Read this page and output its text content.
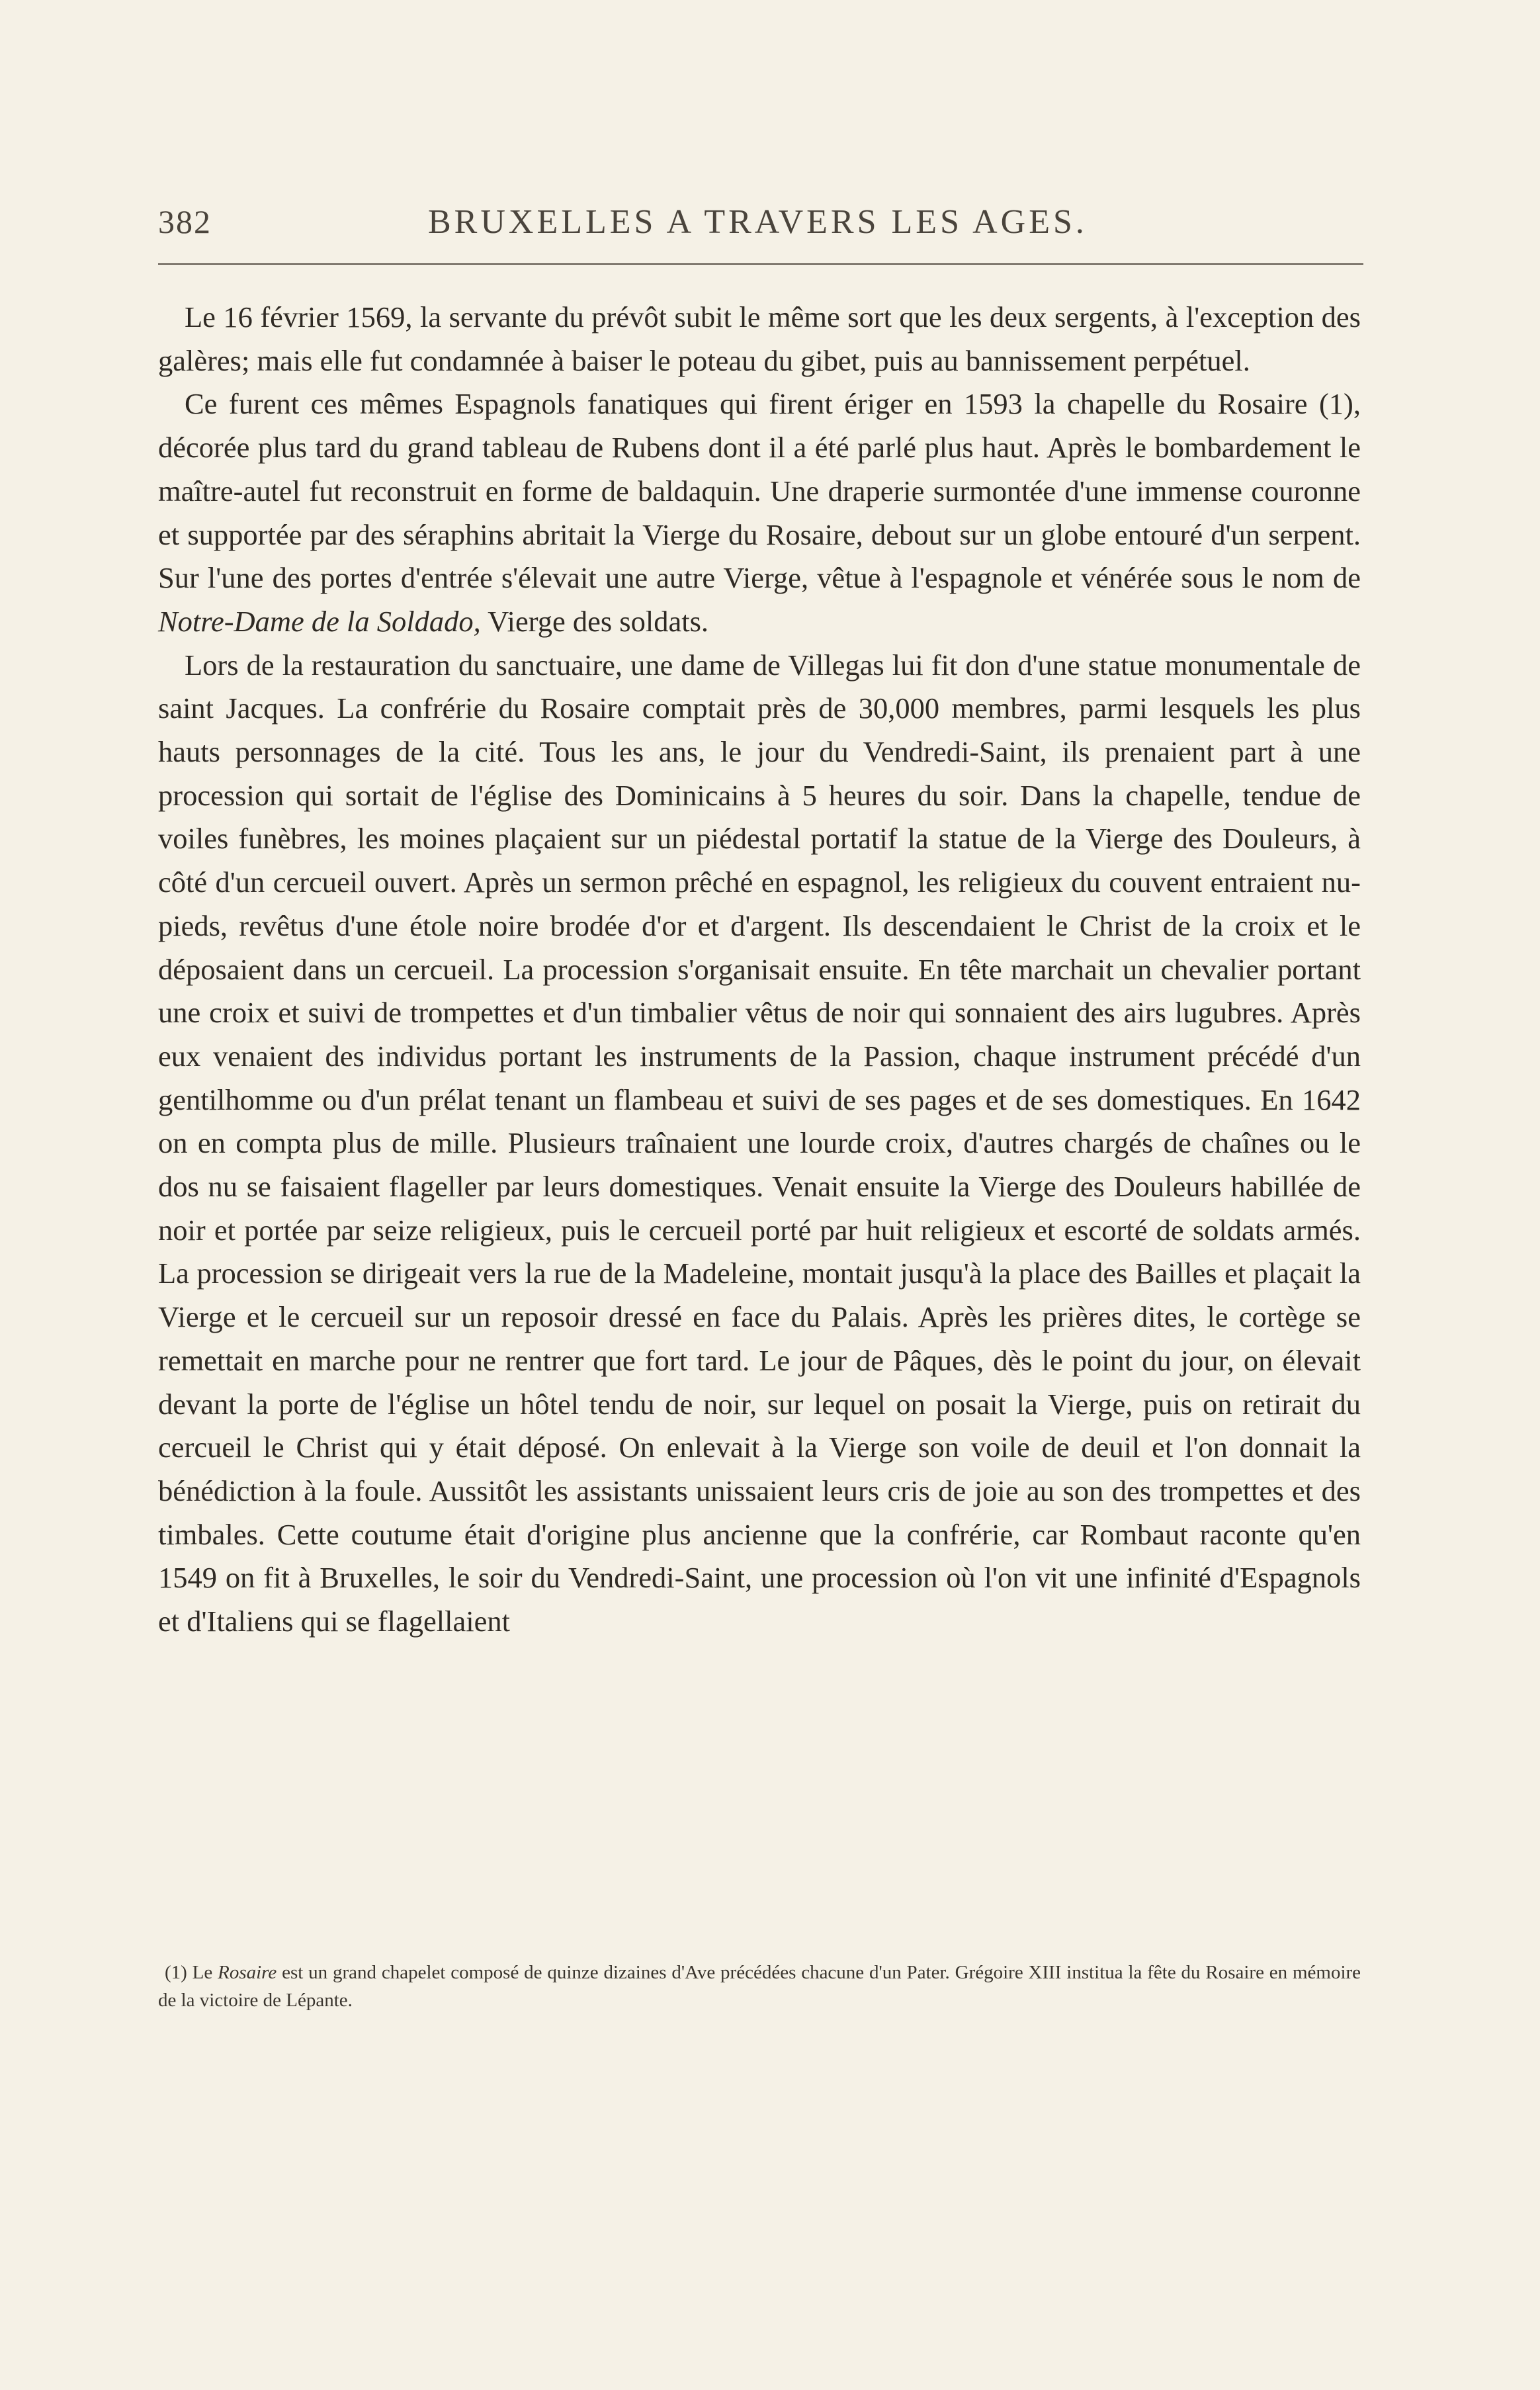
382	BRUXELLES A TRAVERS LES AGES.

Le 16 février 1569, la servante du prévôt subit le même sort que les deux sergents, à l'exception des galères; mais elle fut condamnée à baiser le poteau du gibet, puis au bannissement perpétuel.

Ce furent ces mêmes Espagnols fanatiques qui firent ériger en 1593 la chapelle du Rosaire (1), décorée plus tard du grand tableau de Rubens dont il a été parlé plus haut. Après le bombardement le maître-autel fut reconstruit en forme de baldaquin. Une draperie surmontée d'une immense couronne et supportée par des séraphins abritait la Vierge du Rosaire, debout sur un globe entouré d'un serpent. Sur l'une des portes d'entrée s'élevait une autre Vierge, vêtue à l'espagnole et vénérée sous le nom de Notre-Dame de la Soldado, Vierge des soldats.

Lors de la restauration du sanctuaire, une dame de Villegas lui fit don d'une statue monumentale de saint Jacques. La confrérie du Rosaire comptait près de 30,000 membres, parmi lesquels les plus hauts personnages de la cité. Tous les ans, le jour du Vendredi-Saint, ils prenaient part à une procession qui sortait de l'église des Dominicains à 5 heures du soir. Dans la chapelle, tendue de voiles funèbres, les moines plaçaient sur un piédestal portatif la statue de la Vierge des Douleurs, à côté d'un cercueil ouvert. Après un sermon prêché en espagnol, les religieux du couvent entraient nu-pieds, revêtus d'une étole noire brodée d'or et d'argent. Ils descendaient le Christ de la croix et le déposaient dans un cercueil. La procession s'organisait ensuite. En tête marchait un chevalier portant une croix et suivi de trompettes et d'un timbalier vêtus de noir qui sonnaient des airs lugubres. Après eux venaient des individus portant les instruments de la Passion, chaque instrument précédé d'un gentilhomme ou d'un prélat tenant un flambeau et suivi de ses pages et de ses domestiques. En 1642 on en compta plus de mille. Plusieurs traînaient une lourde croix, d'autres chargés de chaînes ou le dos nu se faisaient flageller par leurs domestiques. Venait ensuite la Vierge des Douleurs habillée de noir et portée par seize religieux, puis le cercueil porté par huit religieux et escorté de soldats armés. La procession se dirigeait vers la rue de la Madeleine, montait jusqu'à la place des Bailles et plaçait la Vierge et le cercueil sur un reposoir dressé en face du Palais. Après les prières dites, le cortège se remettait en marche pour ne rentrer que fort tard. Le jour de Pâques, dès le point du jour, on élevait devant la porte de l'église un hôtel tendu de noir, sur lequel on posait la Vierge, puis on retirait du cercueil le Christ qui y était déposé. On enlevait à la Vierge son voile de deuil et l'on donnait la bénédiction à la foule. Aussitôt les assistants unissaient leurs cris de joie au son des trompettes et des timbales. Cette coutume était d'origine plus ancienne que la confrérie, car Rombaut raconte qu'en 1549 on fit à Bruxelles, le soir du Vendredi-Saint, une procession où l'on vit une infinité d'Espagnols et d'Italiens qui se flagellaient

(1) Le Rosaire est un grand chapelet composé de quinze dizaines d'Ave précédées chacune d'un Pater. Grégoire XIII institua la fête du Rosaire en mémoire de la victoire de Lépante.
